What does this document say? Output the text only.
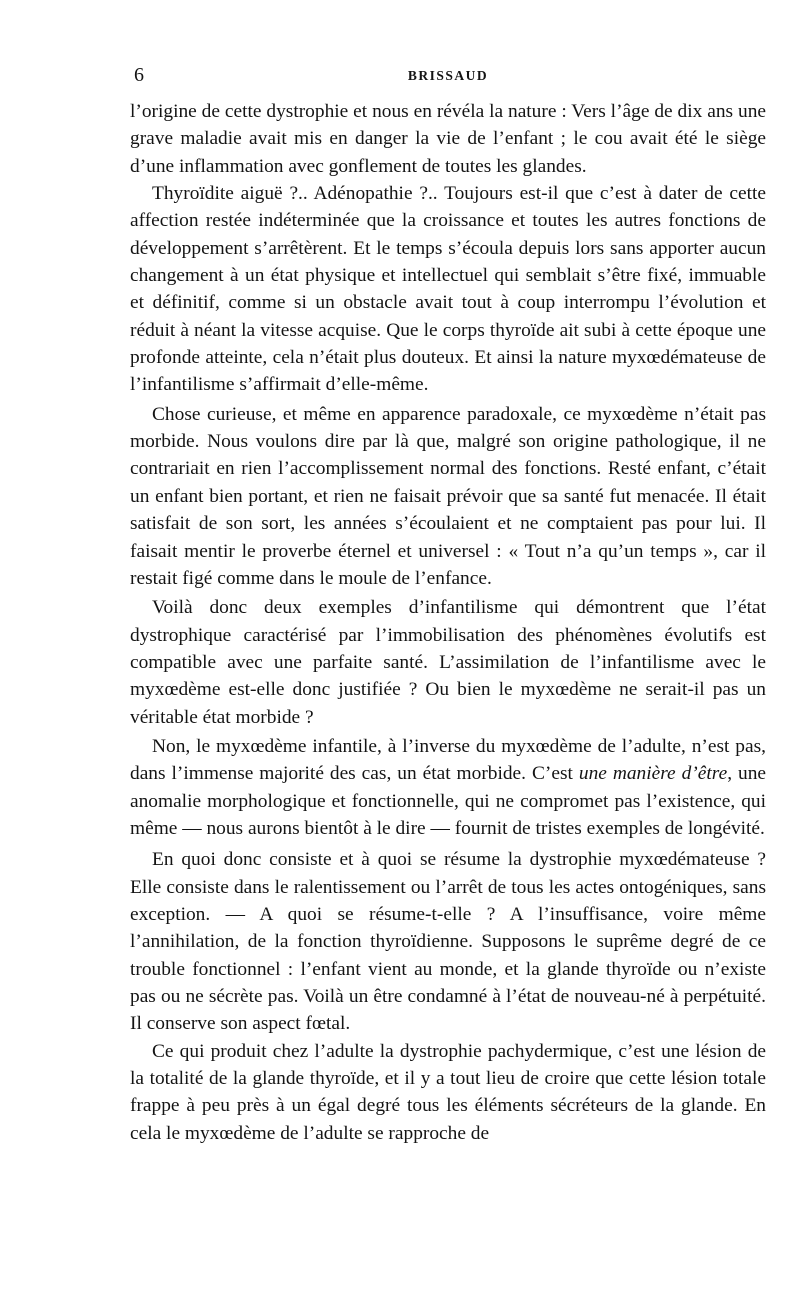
6	BRISSAUD

l’origine de cette dystrophie et nous en révéla la nature : Vers l’âge de dix ans une grave maladie avait mis en danger la vie de l’enfant ; le cou avait été le siège d’une inflammation avec gonflement de toutes les glandes.

Thyroïdite aiguë ?.. Adénopathie ?.. Toujours est-il que c’est à dater de cette affection restée indéterminée que la croissance et toutes les autres fonctions de développement s’arrêtèrent. Et le temps s’écoula depuis lors sans apporter aucun changement à un état physique et intellectuel qui semblait s’être fixé, immuable et définitif, comme si un obstacle avait tout à coup interrompu l’évolution et réduit à néant la vitesse acquise. Que le corps thyroïde ait subi à cette époque une profonde atteinte, cela n’était plus douteux. Et ainsi la nature myxœdémateuse de l’infantilisme s’affirmait d’elle-même.

Chose curieuse, et même en apparence paradoxale, ce myxœdème n’était pas morbide. Nous voulons dire par là que, malgré son origine pathologique, il ne contrariait en rien l’accomplissement normal des fonctions. Resté enfant, c’était un enfant bien portant, et rien ne faisait prévoir que sa santé fut menacée. Il était satisfait de son sort, les années s’écoulaient et ne comptaient pas pour lui. Il faisait mentir le proverbe éternel et universel : « Tout n’a qu’un temps », car il restait figé comme dans le moule de l’enfance.

Voilà donc deux exemples d’infantilisme qui démontrent que l’état dystrophique caractérisé par l’immobilisation des phénomènes évolutifs est compatible avec une parfaite santé. L’assimilation de l’infantilisme avec le myxœdème est-elle donc justifiée ? Ou bien le myxœdème ne serait-il pas un véritable état morbide ?

Non, le myxœdème infantile, à l’inverse du myxœdème de l’adulte, n’est pas, dans l’immense majorité des cas, un état morbide. C’est une manière d’être, une anomalie morphologique et fonctionnelle, qui ne compromet pas l’existence, qui même — nous aurons bientôt à le dire — fournit de tristes exemples de longévité.

En quoi donc consiste et à quoi se résume la dystrophie myxœdémateuse ? Elle consiste dans le ralentissement ou l’arrêt de tous les actes ontogéniques, sans exception. — A quoi se résume-t-elle ? A l’insuffisance, voire même l’annihilation, de la fonction thyroïdienne. Supposons le suprême degré de ce trouble fonctionnel : l’enfant vient au monde, et la glande thyroïde ou n’existe pas ou ne sécrète pas. Voilà un être condamné à l’état de nouveau-né à perpétuité. Il conserve son aspect fœtal.

Ce qui produit chez l’adulte la dystrophie pachydermique, c’est une lésion de la totalité de la glande thyroïde, et il y a tout lieu de croire que cette lésion totale frappe à peu près à un égal degré tous les éléments sécréteurs de la glande. En cela le myxœdème de l’adulte se rapproche de
